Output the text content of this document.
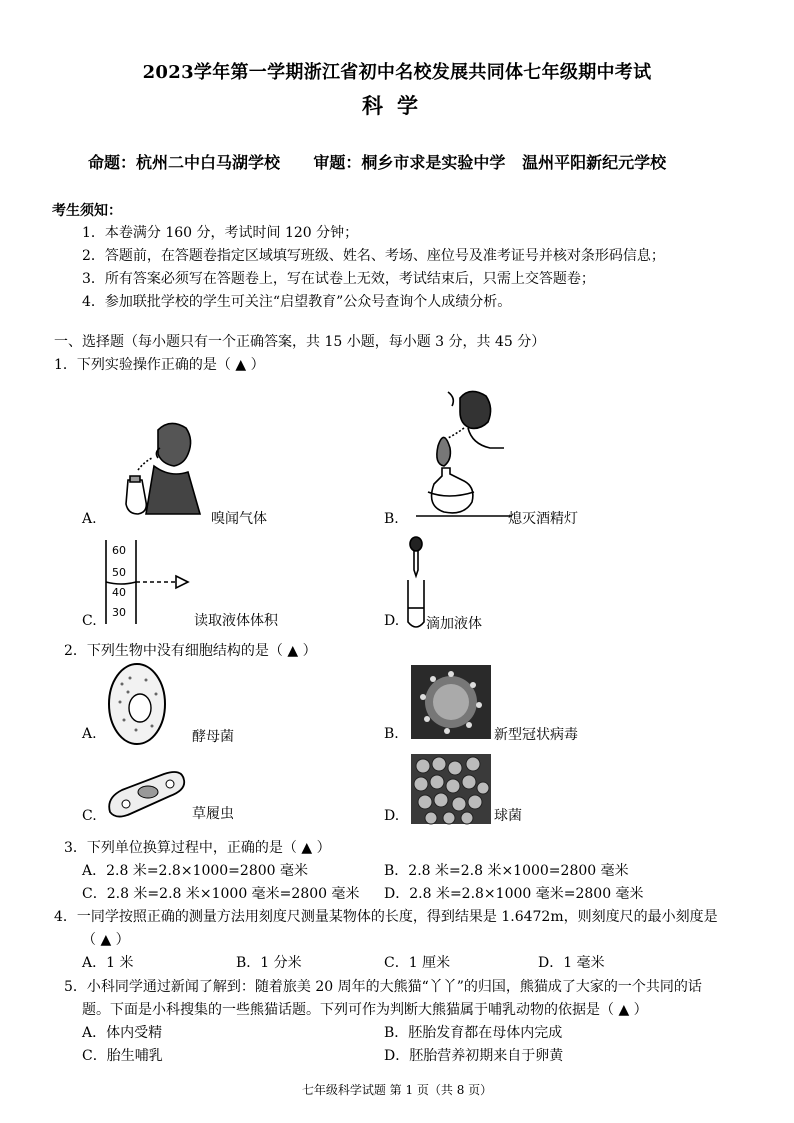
2023学年第一学期浙江省初中名校发展共同体七年级期中考试
科学
命题：杭州二中白马湖学校      审题：桐乡市求是实验中学   温州平阳新纪元学校
考生须知：
1．本卷满分 160 分，考试时间 120 分钟；
2．答题前，在答题卷指定区域填写班级、姓名、考场、座位号及准考证号并核对条形码信息；
3．所有答案必须写在答题卷上，写在试卷上无效，考试结束后，只需上交答题卷；
4．参加联批学校的学生可关注“启望教育”公众号查询个人成绩分析。
一、选择题（每小题只有一个正确答案，共 15 小题，每小题 3 分，共 45 分）
1．下列实验操作正确的是（ ▲ ）
A.	嗅闻气体	B.	熄灭酒精灯
60
50
40
30
C.	读取液体体积	D. 滴加液体
2．下列生物中没有细胞结构的是（ ▲ ）
A.	酵母菌	B.	新型冠状病毒
C.	草履虫	D.	球菌
3．下列单位换算过程中，正确的是（ ▲ ）
A．2.8 米=2.8×1000=2800 毫米	B．2.8 米=2.8 米×1000=2800 毫米
C．2.8 米=2.8 米×1000 毫米=2800 毫米 D．2.8 米=2.8×1000 毫米=2800 毫米
4．一同学按照正确的测量方法用刻度尺测量某物体的长度，得到结果是 1.6472m，则刻度尺的最小刻度是
（ ▲ ）
A．1 米	B．1 分米	C．1 厘米	D．1 毫米
5．小科同学通过新闻了解到：随着旅美 20 周年的大熊猫“丫丫”的归国，熊猫成了大家的一个共同的话
题。下面是小科搜集的一些熊猫话题。下列可作为判断大熊猫属于哺乳动物的依据是（ ▲ ）
A．体内受精	B．胚胎发育都在母体内完成
C．胎生哺乳	D．胚胎营养初期来自于卵黄
七年级科学试题 第 1 页（共 8 页）
